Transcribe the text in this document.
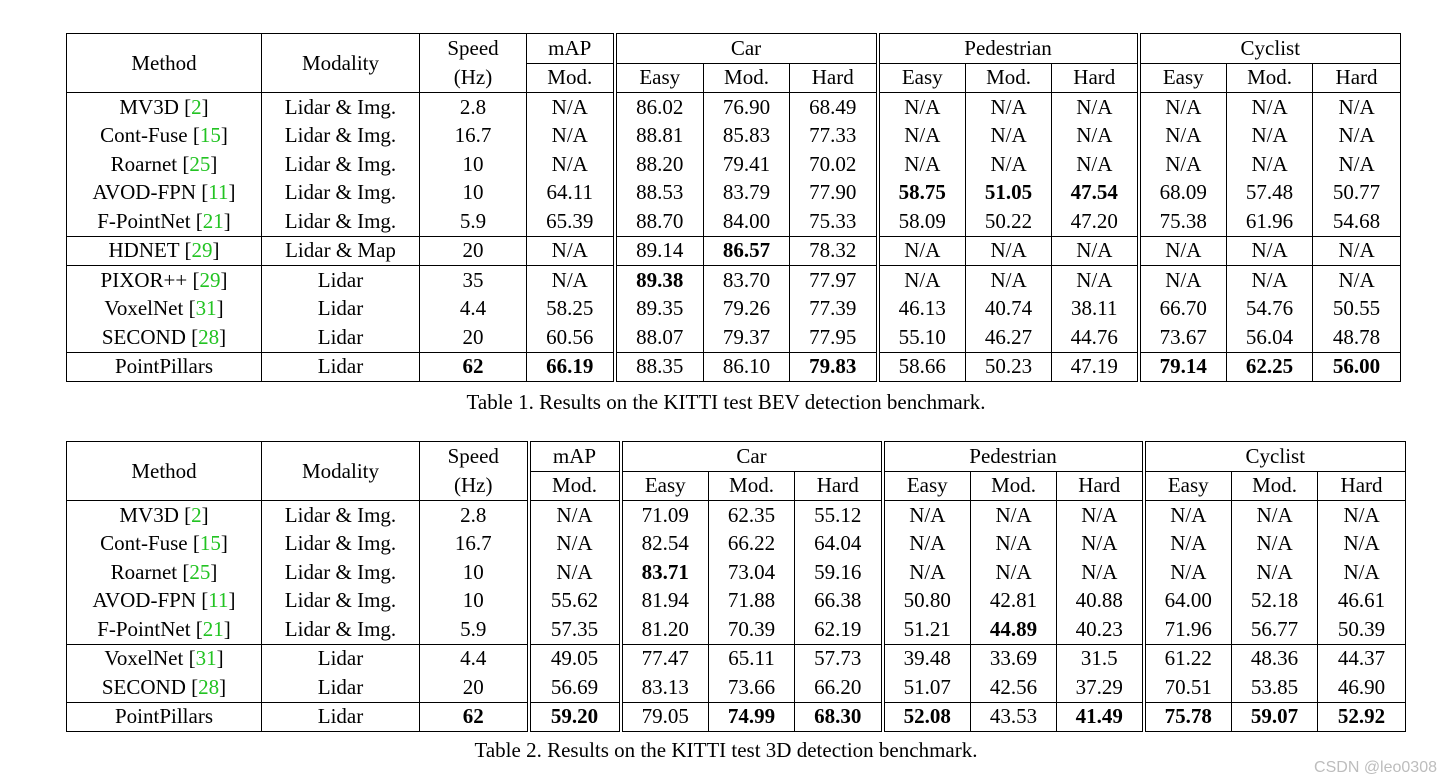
Method	Modality	Speed	mAP	Car			Pedestrian			Cyclist		
		(Hz)	Mod.	Easy	Mod.	Hard	Easy	Mod.	Hard	Easy	Mod.	Hard
MV3D [2]	Lidar & Img.	2.8	N/A	86.02	76.90	68.49	N/A	N/A	N/A	N/A	N/A	N/A
Cont-Fuse [15]	Lidar & Img.	16.7	N/A	88.81	85.83	77.33	N/A	N/A	N/A	N/A	N/A	N/A
Roarnet [25]	Lidar & Img.	10	N/A	88.20	79.41	70.02	N/A	N/A	N/A	N/A	N/A	N/A
AVOD-FPN [11]	Lidar & Img.	10	64.11	88.53	83.79	77.90	58.75	51.05	47.54	68.09	57.48	50.77
F-PointNet [21]	Lidar & Img.	5.9	65.39	88.70	84.00	75.33	58.09	50.22	47.20	75.38	61.96	54.68
HDNET [29]	Lidar & Map	20	N/A	89.14	86.57	78.32	N/A	N/A	N/A	N/A	N/A	N/A
PIXOR++ [29]	Lidar	35	N/A	89.38	83.70	77.97	N/A	N/A	N/A	N/A	N/A	N/A
VoxelNet [31]	Lidar	4.4	58.25	89.35	79.26	77.39	46.13	40.74	38.11	66.70	54.76	50.55
SECOND [28]	Lidar	20	60.56	88.07	79.37	77.95	55.10	46.27	44.76	73.67	56.04	48.78
PointPillars	Lidar	62	66.19	88.35	86.10	79.83	58.66	50.23	47.19	79.14	62.25	56.00
Table 1. Results on the KITTI test BEV detection benchmark.
Method	Modality	Speed	mAP	Car			Pedestrian			Cyclist		
		(Hz)	Mod.	Easy	Mod.	Hard	Easy	Mod.	Hard	Easy	Mod.	Hard
MV3D [2]	Lidar & Img.	2.8	N/A	71.09	62.35	55.12	N/A	N/A	N/A	N/A	N/A	N/A
Cont-Fuse [15]	Lidar & Img.	16.7	N/A	82.54	66.22	64.04	N/A	N/A	N/A	N/A	N/A	N/A
Roarnet [25]	Lidar & Img.	10	N/A	83.71	73.04	59.16	N/A	N/A	N/A	N/A	N/A	N/A
AVOD-FPN [11]	Lidar & Img.	10	55.62	81.94	71.88	66.38	50.80	42.81	40.88	64.00	52.18	46.61
F-PointNet [21]	Lidar & Img.	5.9	57.35	81.20	70.39	62.19	51.21	44.89	40.23	71.96	56.77	50.39
VoxelNet [31]	Lidar	4.4	49.05	77.47	65.11	57.73	39.48	33.69	31.5	61.22	48.36	44.37
SECOND [28]	Lidar	20	56.69	83.13	73.66	66.20	51.07	42.56	37.29	70.51	53.85	46.90
PointPillars	Lidar	62	59.20	79.05	74.99	68.30	52.08	43.53	41.49	75.78	59.07	52.92
Table 2. Results on the KITTI test 3D detection benchmark.
CSDN @leo0308
